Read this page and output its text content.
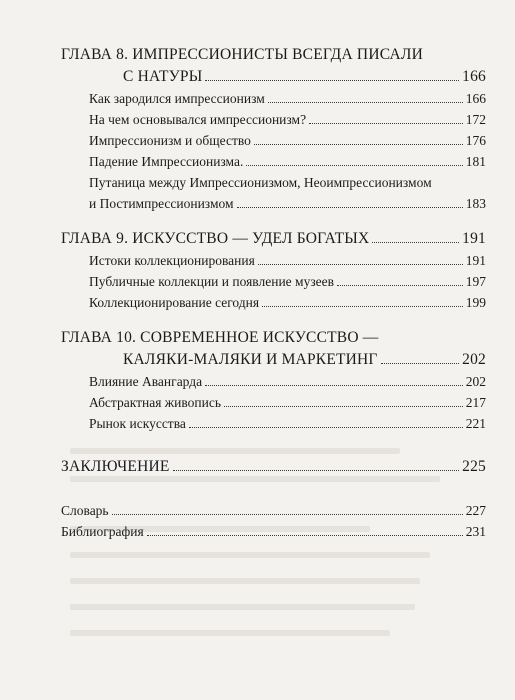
ГЛАВА 8. ИМПРЕССИОНИСТЫ ВСЕГДА ПИСАЛИ
С НАТУРЫ	166
Как зародился импрессионизм	166
На чем основывался импрессионизм?	172
Импрессионизм и общество	176
Падение Импрессионизма.	181
Путаница между Импрессионизмом, Неоимпрессионизмом
и Постимпрессионизмом	183
ГЛАВА 9. ИСКУССТВО — УДЕЛ БОГАТЫХ	191
Истоки коллекционирования	191
Публичные коллекции и появление музеев	197
Коллекционирование сегодня	199
ГЛАВА 10. СОВРЕМЕННОЕ ИСКУССТВО —
КАЛЯКИ-МАЛЯКИ И МАРКЕТИНГ	202
Влияние Авангарда	202
Абстрактная живопись	217
Рынок искусства	221
ЗАКЛЮЧЕНИЕ	225
Словарь	227
Библиография	231
